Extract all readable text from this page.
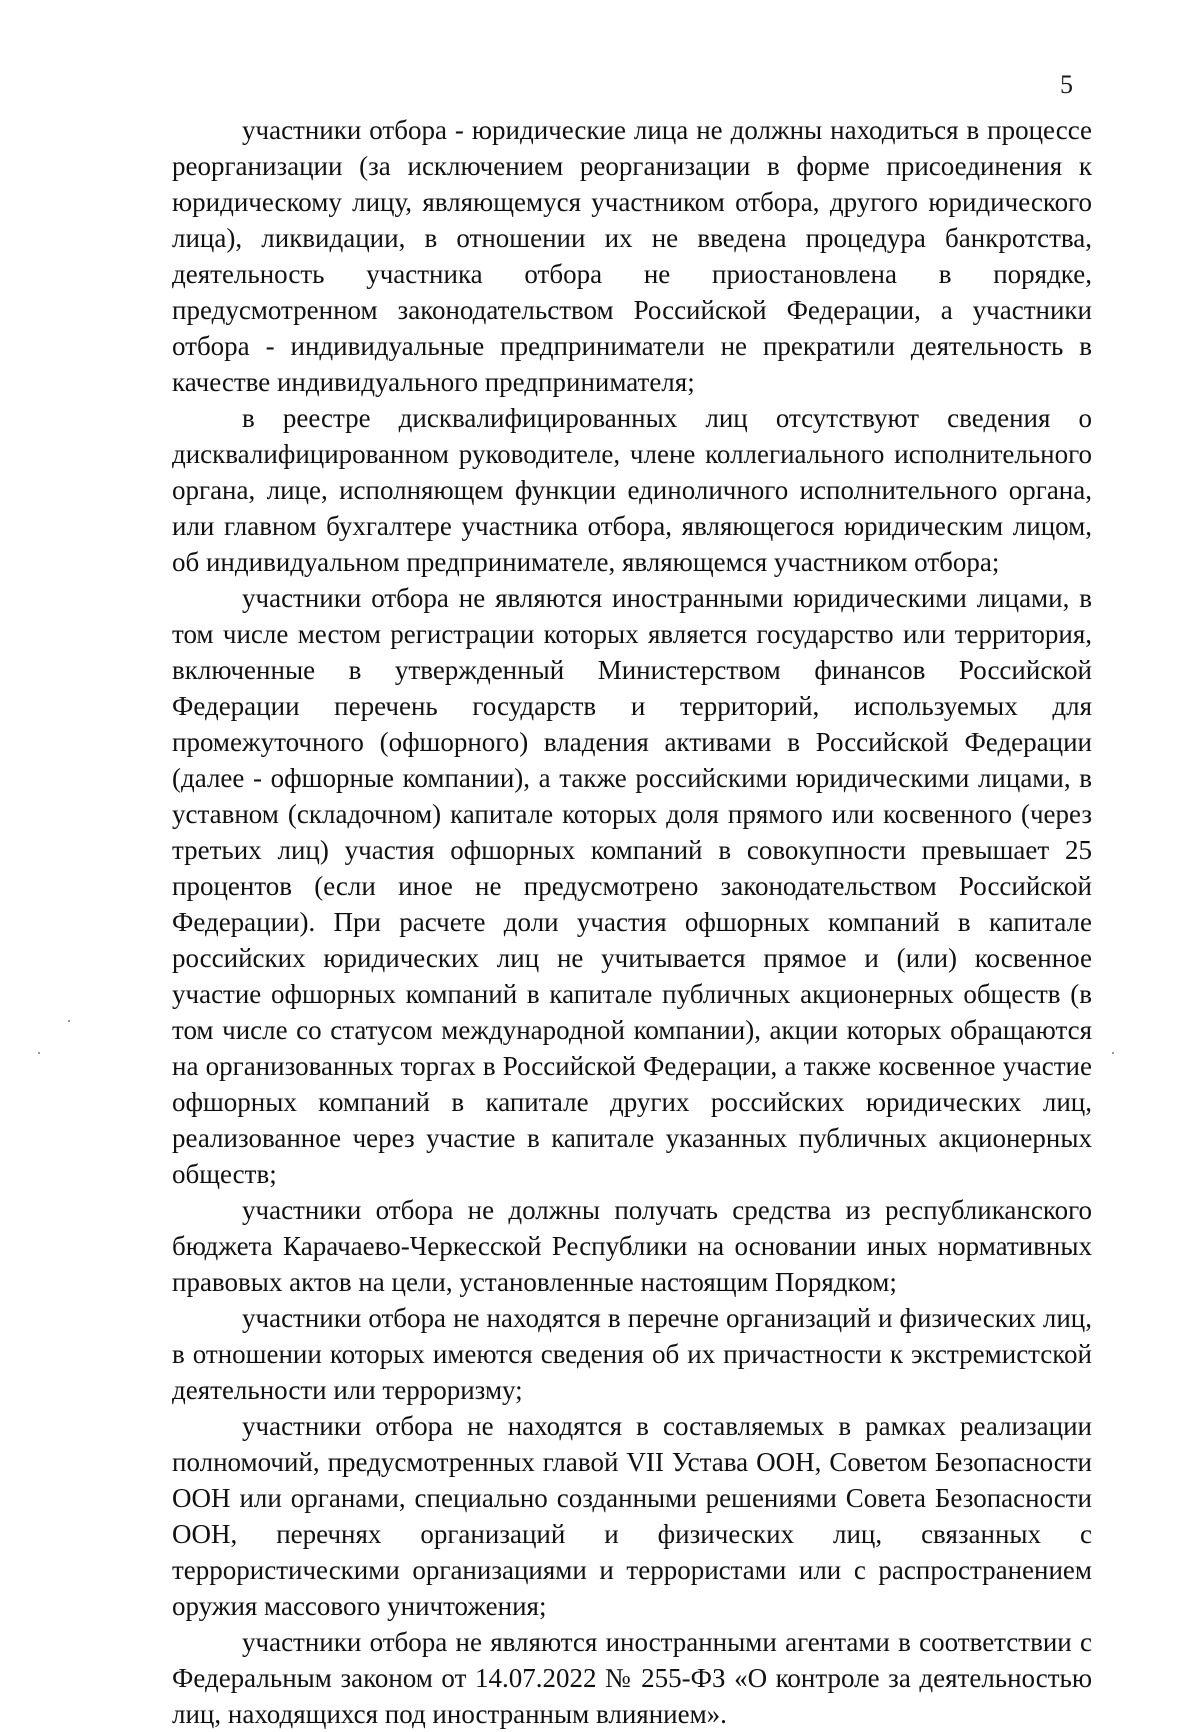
5

участники отбора - юридические лица не должны находиться в процессе реорганизации (за исключением реорганизации в форме присоединения к юридическому лицу, являющемуся участником отбора, другого юридического лица), ликвидации, в отношении их не введена процедура банкротства, деятельность участника отбора не приостановлена в порядке, предусмотренном законодательством Российской Федерации, а участники отбора - индивидуальные предприниматели не прекратили деятельность в качестве индивидуального предпринимателя;

в реестре дисквалифицированных лиц отсутствуют сведения о дисквалифицированном руководителе, члене коллегиального исполнительного органа, лице, исполняющем функции единоличного исполнительного органа, или главном бухгалтере участника отбора, являющегося юридическим лицом, об индивидуальном предпринимателе, являющемся участником отбора;

участники отбора не являются иностранными юридическими лицами, в том числе местом регистрации которых является государство или территория, включенные в утвержденный Министерством финансов Российской Федерации перечень государств и территорий, используемых для промежуточного (офшорного) владения активами в Российской Федерации (далее - офшорные компании), а также российскими юридическими лицами, в уставном (складочном) капитале которых доля прямого или косвенного (через третьих лиц) участия офшорных компаний в совокупности превышает 25 процентов (если иное не предусмотрено законодательством Российской Федерации). При расчете доли участия офшорных компаний в капитале российских юридических лиц не учитывается прямое и (или) косвенное участие офшорных компаний в капитале публичных акционерных обществ (в том числе со статусом международной компании), акции которых обращаются на организованных торгах в Российской Федерации, а также косвенное участие офшорных компаний в капитале других российских юридических лиц, реализованное через участие в капитале указанных публичных акционерных обществ;

участники отбора не должны получать средства из республиканского бюджета Карачаево-Черкесской Республики на основании иных нормативных правовых актов на цели, установленные настоящим Порядком;

участники отбора не находятся в перечне организаций и физических лиц, в отношении которых имеются сведения об их причастности к экстремистской деятельности или терроризму;

участники отбора не находятся в составляемых в рамках реализации полномочий, предусмотренных главой VII Устава ООН, Советом Безопасности ООН или органами, специально созданными решениями Совета Безопасности ООН, перечнях организаций и физических лиц, связанных с террористическими организациями и террористами или с распространением оружия массового уничтожения;

участники отбора не являются иностранными агентами в соответствии с Федеральным законом от 14.07.2022 № 255-ФЗ «О контроле за деятельностью лиц, находящихся под иностранным влиянием».
